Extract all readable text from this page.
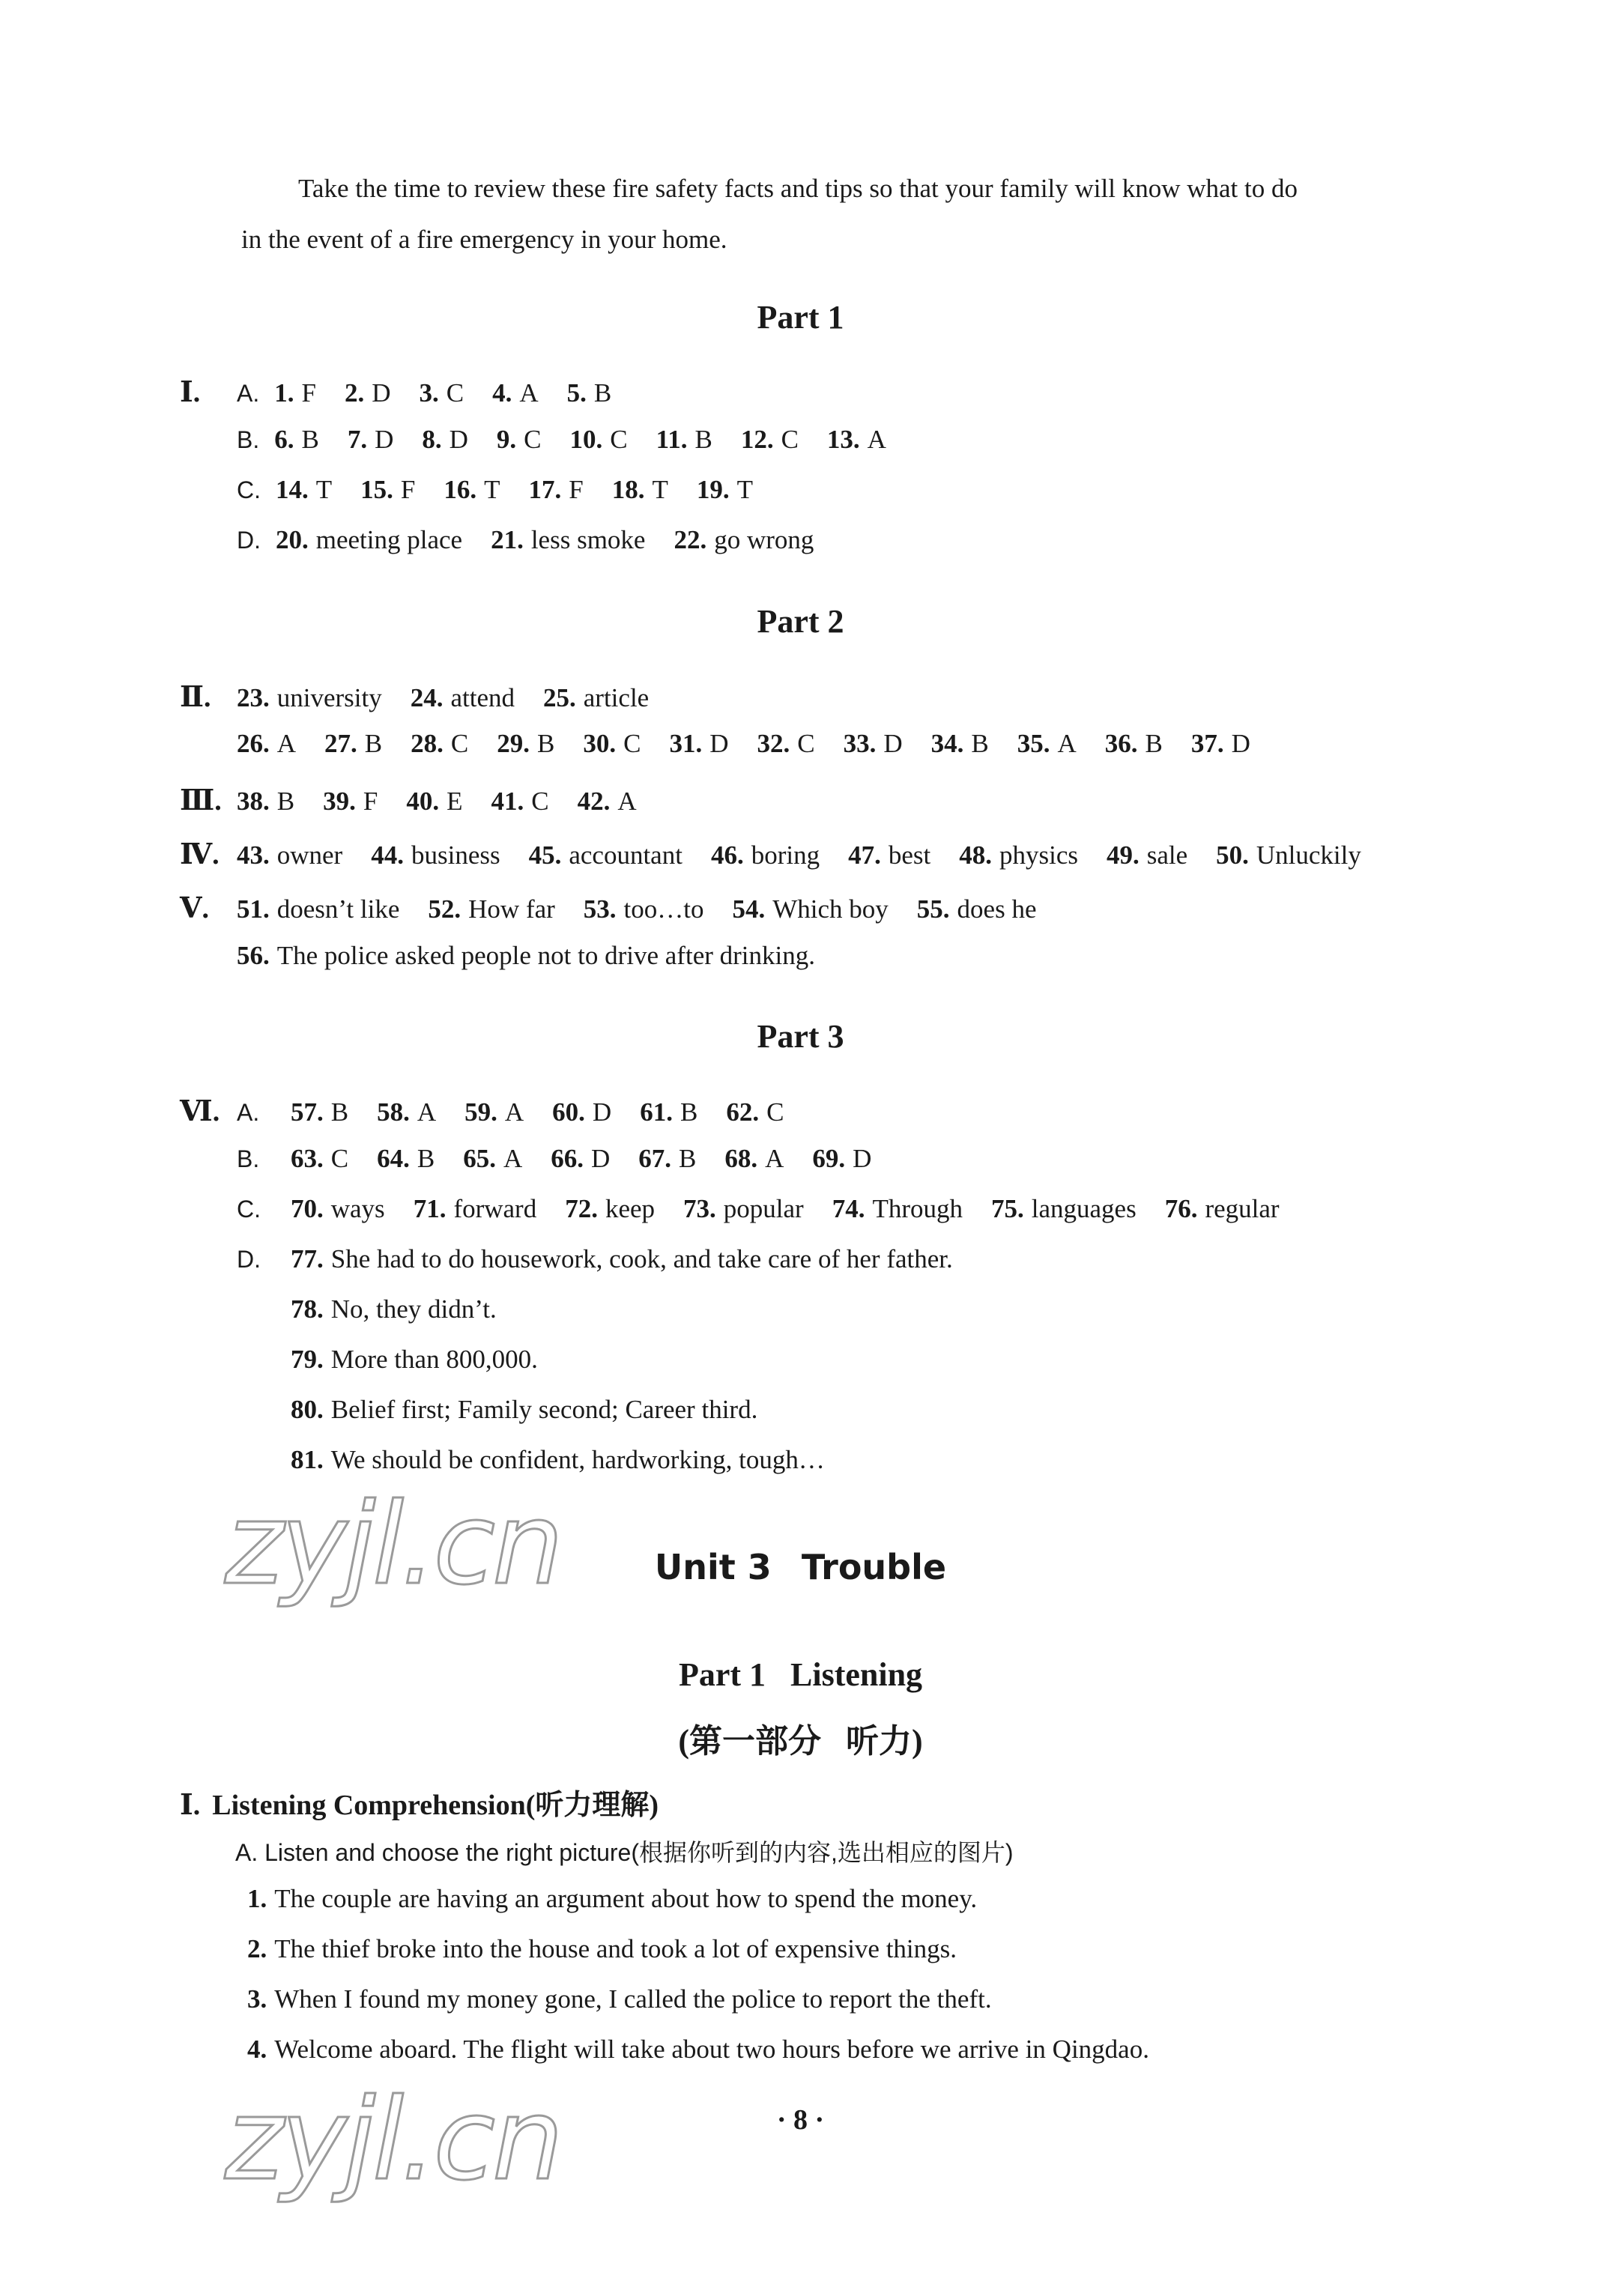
Take the time to review these fire safety facts and tips so that your family will know what to do
in the event of a fire emergency in your home.
Part 1
Ⅰ.	A. 1. F 2. D 3. C 4. A 5. B
B. 6. B 7. D 8. D 9. C 10. C 11. B 12. C 13. A
C. 14. T 15. F 16. T 17. F 18. T 19. T
D. 20. meeting place 21. less smoke 22. go wrong
Part 2
Ⅱ. 23. university 24. attend 25. article
26. A 27. B 28. C 29. B 30. C 31. D 32. C 33. D 34. B 35. A 36. B 37. D
Ⅲ. 38. B 39. F 40. E 41. C 42. A
Ⅳ. 43. owner 44. business 45. accountant 46. boring 47. best 48. physics 49. sale 50. Unluckily
Ⅴ.	51. doesn’t like 52. How far 53. too…to 54. Which boy 55. does he
56. The police asked people not to drive after drinking.
Part 3
Ⅵ. A.	57. B 58. A 59. A 60. D 61. B 62. C
B.	63. C 64. B 65. A 66. D 67. B 68. A 69. D
C.	70. ways 71. forward 72. keep 73. popular 74. Through 75. languages 76. regular
D.	77. She had to do housework, cook, and take care of her father.
78. No, they didn’t.
79. More than 800,000.
80. Belief first; Family second; Career third.
81. We should be confident, hardworking, tough…
zyjl.cn
zyjl.cn
Unit 3 Trouble
Part 1   Listening
(第一部分   听力)
Ⅰ. Listening Comprehension(听力理解)
A. Listen and choose the right picture(根据你听到的内容,选出相应的图片)
1. The couple are having an argument about how to spend the money.
2. The thief broke into the house and took a lot of expensive things.
3. When I found my money gone, I called the police to report the theft.
4. Welcome aboard. The flight will take about two hours before we arrive in Qingdao.
· 8 ·
